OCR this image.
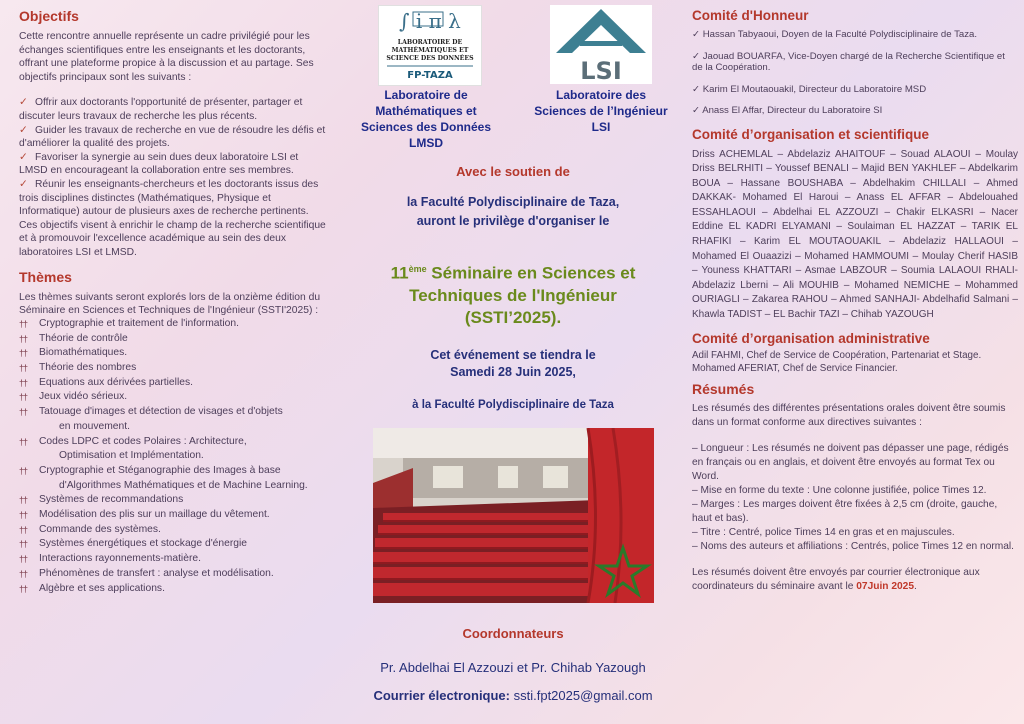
Objectifs

Cette rencontre annuelle représente un cadre privilégié pour les échanges scientifiques entre les enseignants et les doctorants, offrant une plateforme propice à la discussion et au partage. Ses objectifs principaux sont les suivants :

✓ Offrir aux doctorants l'opportunité de présenter, partager et discuter leurs travaux de recherche les plus récents.

✓ Guider les travaux de recherche en vue de résoudre les défis et d'améliorer la qualité des projets.

✓ Favoriser la synergie au sein dues deux laboratoire LSI et LMSD en encourageant la collaboration entre ses membres.

✓ Réunir les enseignants-chercheurs et les doctorants issus des trois disciplines distinctes (Mathématiques, Physique et Informatique) autour de plusieurs axes de recherche pertinents.

Ces objectifs visent à enrichir le champ de la recherche scientifique et à promouvoir l'excellence académique au sein des deux laboratoires LSI et LMSD.

Thèmes

Les thèmes suivants seront explorés lors de la onzième édition du Séminaire en Sciences et Techniques de l'Ingénieur (SSTI'2025) :

†† Cryptographie et traitement de l'information.
†† Théorie de contrôle
†† Biomathématiques.
†† Théorie des nombres
†† Equations aux dérivées partielles.
†† Jeux vidéo sérieux.
†† Tatouage d'images et détection de visages et d'objets
en mouvement.
†† Codes LDPC et codes Polaires : Architecture,
Optimisation et Implémentation.
†† Cryptographie et Stéganographie des Images à base
d'Algorithmes Mathématiques et de Machine Learning.
†† Systèmes de recommandations
†† Modélisation des plis sur un maillage du vêtement.
†† Commande des systèmes.
†† Systèmes énergétiques et stockage d'énergie
†† Interactions rayonnements-matière.
†† Phénomènes de transfert : analyse et modélisation.
†† Algèbre et ses applications.
∫ i π λ
LABORATOIRE DE
MATHÉMATIQUES ET
SCIENCE DES DONNÉES
FP-TAZA	LSI
Laboratoire de
Mathématiques et
Sciences des Données
LMSD
Laboratoire des
Sciences de l’Ingénieur
LSI
Avec le soutien de
la Faculté Polydisciplinaire de Taza,
auront le privilège d'organiser le
11ème Séminaire en Sciences et
Techniques de l'Ingénieur
(SSTI’2025).
Cet événement se tiendra le
Samedi 28 Juin 2025,
à la Faculté Polydisciplinaire de Taza
Coordonnateurs
Pr. Abdelhai El Azzouzi et Pr. Chihab Yazough
Courrier électronique: ssti.fpt2025@gmail.com
Comité d'Honneur

✓ Hassan Tabyaoui, Doyen de la Faculté Polydisciplinaire de Taza.

✓ Jaouad BOUARFA, Vice-Doyen chargé de la Recherche Scientifique et de la Coopération.

✓ Karim El Moutaouakil, Directeur du Laboratoire MSD

✓ Anass El Affar, Directeur du Laboratoire SI

Comité d’organisation et scientifique

Driss ACHEMLAL – Abdelaziz AHAITOUF – Souad ALAOUI – Moulay Driss BELRHITI – Youssef BENALI – Majid BEN YAKHLEF – Abdelkarim BOUA – Hassane BOUSHABA – Abdelhakim CHILLALI – Ahmed DAKKAK- Mohamed El Haroui – Anass EL AFFAR – Abdelouahed ESSAHLAOUI – Abdelhai EL AZZOUZI – Chakir ELKASRI – Nacer Eddine EL KADRI ELYAMANI – Soulaiman EL HAZZAT – TARIK EL RHAFIKI – Karim EL MOUTAOUAKIL – Abdelaziz HALLAOUI – Mohamed El Ouaazizi – Mohamed HAMMOUMI – Moulay Cherif HASIB – Youness KHATTARI – Asmae LABZOUR – Soumia LALAOUI RHALI- Abdelaziz Lberni – Ali MOUHIB – Mohamed NEMICHE – Mohammed OURIAGLI – Zakarea RAHOU – Ahmed SANHAJI- Abdelhafid Salmani – Khawla TADIST – EL Bachir TAZI – Chihab YAZOUGH

Comité d’organisation administrative

Adil FAHMI, Chef de Service de Coopération, Partenariat et Stage.

Mohamed AFERIAT, Chef de Service Financier.

Résumés

Les résumés des différentes présentations orales doivent être soumis dans un format conforme aux directives suivantes :

– Longueur : Les résumés ne doivent pas dépasser une page, rédigés en français ou en anglais, et doivent être envoyés au format Tex ou Word.

– Mise en forme du texte : Une colonne justifiée, police Times 12.

– Marges : Les marges doivent être fixées à 2,5 cm (droite, gauche, haut et bas).

– Titre : Centré, police Times 14 en gras et en majuscules.

– Noms des auteurs et affiliations : Centrés, police Times 12 en normal.

Les résumés doivent être envoyés par courrier électronique aux coordinateurs du séminaire avant le 07Juin 2025.
